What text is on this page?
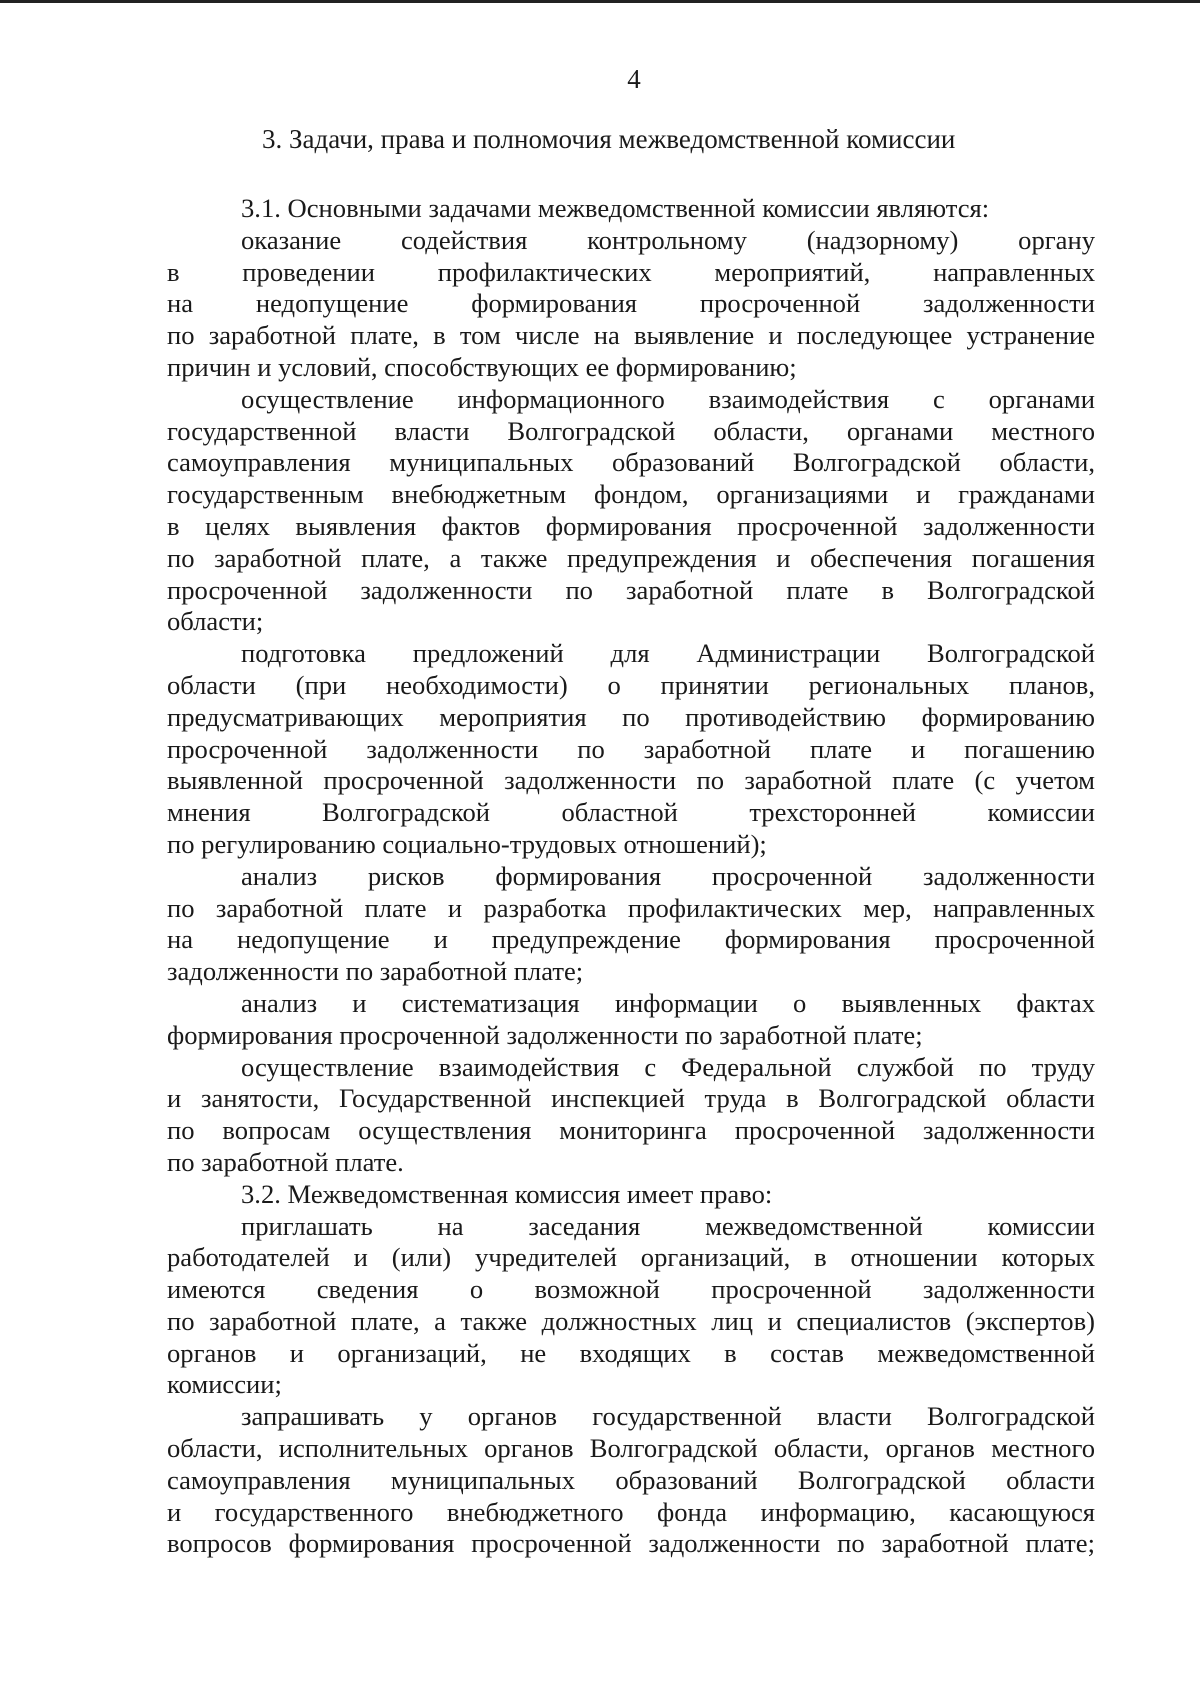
4
3. Задачи, права и полномочия межведомственной комиссии
3.1. Основными задачами межведомственной комиссии являются:
оказание содействия контрольному (надзорному) органу
в проведении профилактических мероприятий, направленных
на недопущение формирования просроченной задолженности
по заработной плате, в том числе на выявление и последующее устранение
причин и условий, способствующих ее формированию;
осуществление информационного взаимодействия с органами
государственной власти Волгоградской области, органами местного
самоуправления муниципальных образований Волгоградской области,
государственным внебюджетным фондом, организациями и гражданами
в целях выявления фактов формирования просроченной задолженности
по заработной плате, а также предупреждения и обеспечения погашения
просроченной задолженности по заработной плате в Волгоградской
области;
подготовка предложений для Администрации Волгоградской
области (при необходимости) о принятии региональных планов,
предусматривающих мероприятия по противодействию формированию
просроченной задолженности по заработной плате и погашению
выявленной просроченной задолженности по заработной плате (с учетом
мнения Волгоградской областной трехсторонней комиссии
по регулированию социально-трудовых отношений);
анализ рисков формирования просроченной задолженности
по заработной плате и разработка профилактических мер, направленных
на недопущение и предупреждение формирования просроченной
задолженности по заработной плате;
анализ и систематизация информации о выявленных фактах
формирования просроченной задолженности по заработной плате;
осуществление взаимодействия с Федеральной службой по труду
и занятости, Государственной инспекцией труда в Волгоградской области
по вопросам осуществления мониторинга просроченной задолженности
по заработной плате.
3.2. Межведомственная комиссия имеет право:
приглашать на заседания межведомственной комиссии
работодателей и (или) учредителей организаций, в отношении которых
имеются сведения о возможной просроченной задолженности
по заработной плате, а также должностных лиц и специалистов (экспертов)
органов и организаций, не входящих в состав межведомственной
комиссии;
запрашивать у органов государственной власти Волгоградской
области, исполнительных органов Волгоградской области, органов местного
самоуправления муниципальных образований Волгоградской области
и государственного внебюджетного фонда информацию, касающуюся
вопросов формирования просроченной задолженности по заработной плате;
